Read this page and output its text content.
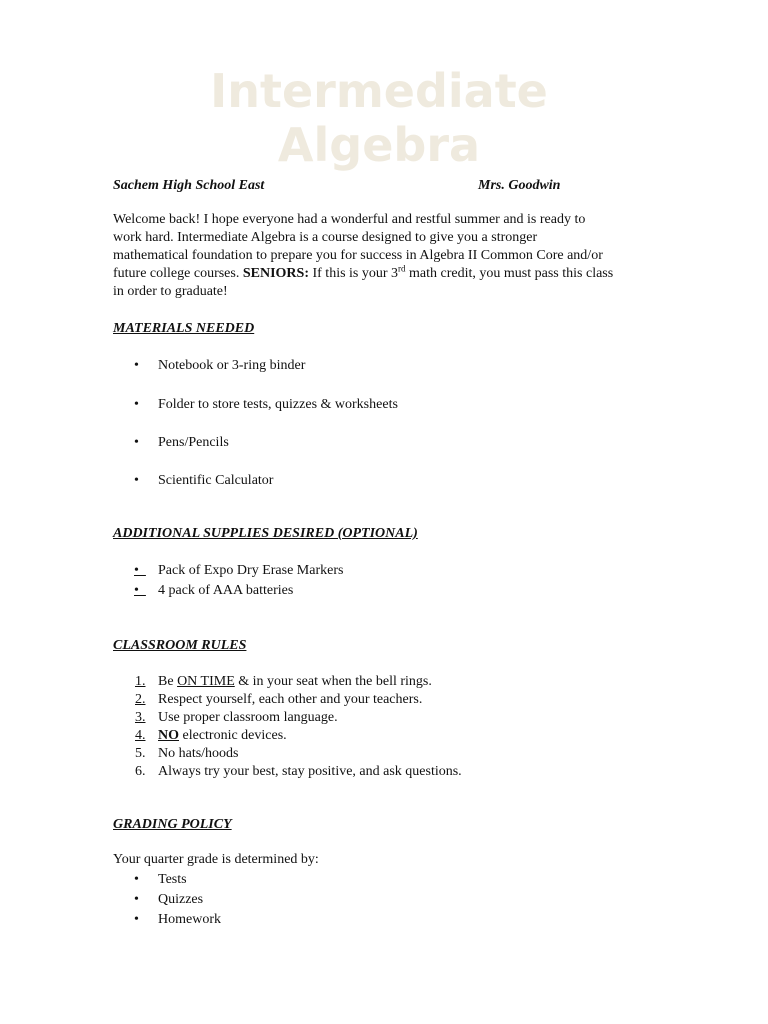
Intermediate
Algebra
Sachem High School East	Mrs. Goodwin
Welcome back! I hope everyone had a wonderful and restful summer and is ready to
work hard. Intermediate Algebra is a course designed to give you a stronger
mathematical foundation to prepare you for success in Algebra II Common Core and/or
future college courses. SENIORS: If this is your 3rd math credit, you must pass this class
in order to graduate!
MATERIALS NEEDED
•	Notebook or 3-ring binder
•	Folder to store tests, quizzes & worksheets
•	Pens/Pencils
•	Scientific Calculator
ADDITIONAL SUPPLIES DESIRED (OPTIONAL)
•  Pack of Expo Dry Erase Markers
•  4 pack of AAA batteries
CLASSROOM RULES
1. Be ON TIME & in your seat when the bell rings.
2. Respect yourself, each other and your teachers.
3. Use proper classroom language.
4. NO electronic devices.
5. No hats/hoods
6. Always try your best, stay positive, and ask questions.
GRADING POLICY
Your quarter grade is determined by:
•	Tests
•	Quizzes
•	Homework
